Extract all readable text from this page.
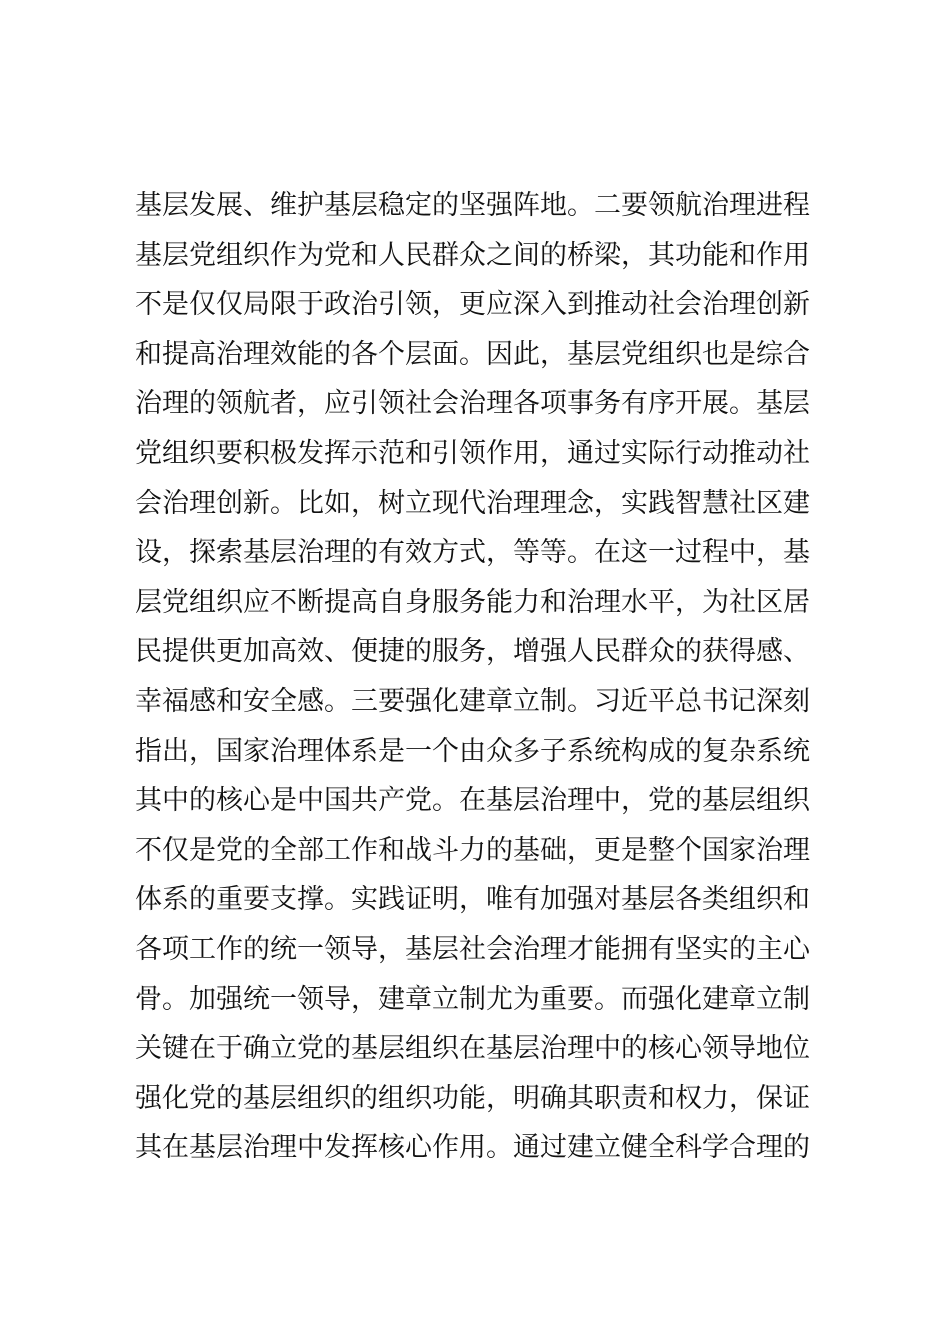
基层发展、维护基层稳定的坚强阵地。二要领航治理进程
基层党组织作为党和人民群众之间的桥梁，其功能和作用
不是仅仅局限于政治引领，更应深入到推动社会治理创新
和提高治理效能的各个层面。因此，基层党组织也是综合
治理的领航者，应引领社会治理各项事务有序开展。基层
党组织要积极发挥示范和引领作用，通过实际行动推动社
会治理创新。比如，树立现代治理理念，实践智慧社区建
设，探索基层治理的有效方式，等等。在这一过程中，基
层党组织应不断提高自身服务能力和治理水平，为社区居
民提供更加高效、便捷的服务，增强人民群众的获得感、
幸福感和安全感。三要强化建章立制。习近平总书记深刻
指出，国家治理体系是一个由众多子系统构成的复杂系统
其中的核心是中国共产党。在基层治理中，党的基层组织
不仅是党的全部工作和战斗力的基础，更是整个国家治理
体系的重要支撑。实践证明，唯有加强对基层各类组织和
各项工作的统一领导，基层社会治理才能拥有坚实的主心
骨。加强统一领导，建章立制尤为重要。而强化建章立制
关键在于确立党的基层组织在基层治理中的核心领导地位
强化党的基层组织的组织功能，明确其职责和权力，保证
其在基层治理中发挥核心作用。通过建立健全科学合理的
